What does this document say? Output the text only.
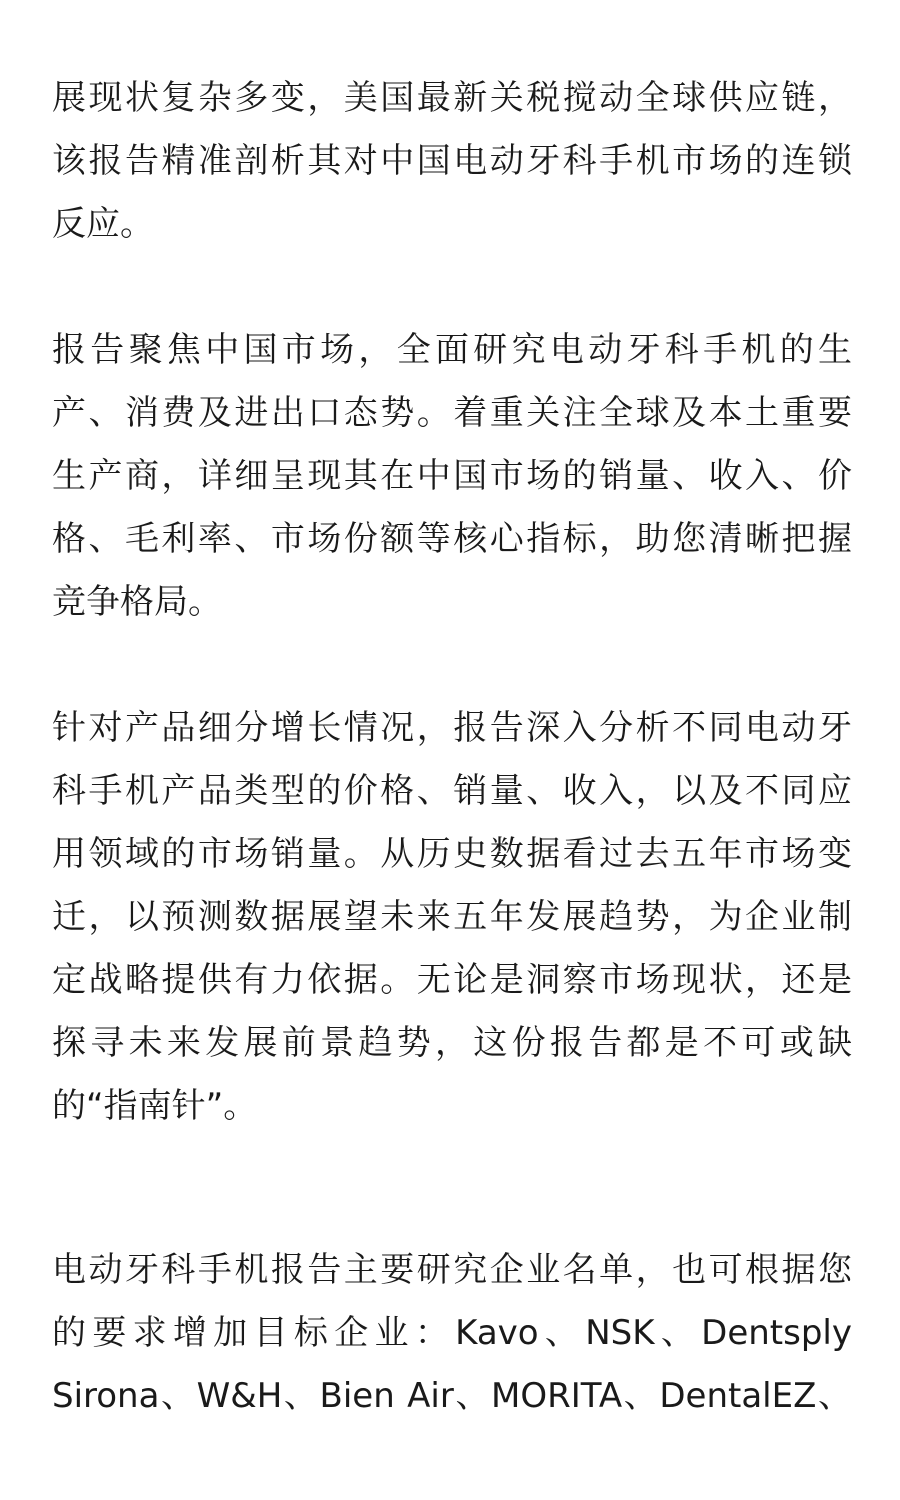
展现状复杂多变，美国最新关税搅动全球供应链，
该报告精准剖析其对中国电动牙科手机市场的连锁
反应。
报告聚焦中国市场，全面研究电动牙科手机的生
产、消费及进出口态势。着重关注全球及本土重要
生产商，详细呈现其在中国市场的销量、收入、价
格、毛利率、市场份额等核心指标，助您清晰把握
竞争格局。
针对产品细分增长情况，报告深入分析不同电动牙
科手机产品类型的价格、销量、收入，以及不同应
用领域的市场销量。从历史数据看过去五年市场变
迁，以预测数据展望未来五年发展趋势，为企业制
定战略提供有力依据。无论是洞察市场现状，还是
探寻未来发展前景趋势，这份报告都是不可或缺
的“指南针”。
电动牙科手机报告主要研究企业名单，也可根据您
的要求增加目标企业：Kavo、NSK、Dentsply
Sirona、W&H、Bien Air、MORITA、DentalEZ、
